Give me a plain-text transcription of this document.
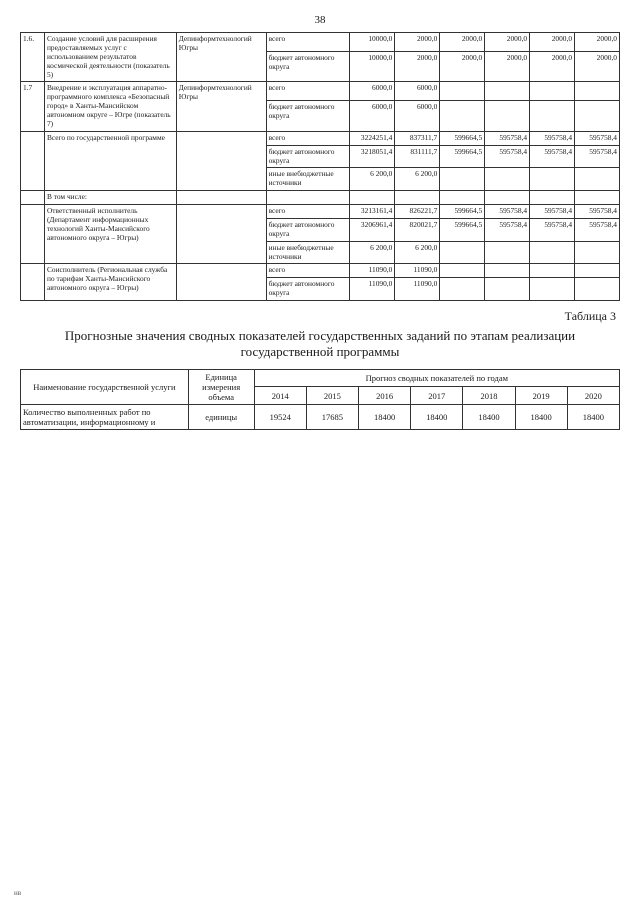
38
1.6.	Создание условий для расширения предоставляемых услуг с использованием результатов космической деятельности (показатель 5)	Депинформтехнологий Югры	всего	10000,0	2000,0	2000,0	2000,0	2000,0	2000,0
			бюджет автономного округа	10000,0	2000,0	2000,0	2000,0	2000,0	2000,0
1.7	Внедрение и эксплуатация аппаратно-программного комплекса «Безопасный город» в Ханты-Мансийском автономном округе – Югре (показатель 7)	Депинформтехнологий Югры	всего	6000,0	6000,0				
			бюджет автономного округа	6000,0	6000,0				
	Всего по государственной программе		всего	3224251,4	837311,7	599664,5	595758,4	595758,4	595758,4
			бюджет автономного округа	3218051,4	831111,7	599664,5	595758,4	595758,4	595758,4
			иные внебюджетные источники	6 200,0	6 200,0				
	В том числе:								
	Ответственный исполнитель (Департамент информационных технологий Ханты-Мансийского автономного округа – Югры)		всего	3213161,4	826221,7	599664,5	595758,4	595758,4	595758,4
			бюджет автономного округа	3206961,4	820021,7	599664,5	595758,4	595758,4	595758,4
			иные внебюджетные источники	6 200,0	6 200,0				
	Соисполнитель (Региональная служба по тарифам Ханты-Мансийского автономного округа – Югры)		всего	11090,0	11090,0				
			бюджет автономного округа	11090,0	11090,0				
Таблица 3
Прогнозные значения сводных показателей государственных заданий по этапам реализации государственной программы
Наименование государственной услуги	Единица измерения объема	Прогноз сводных показателей по годам						
		2014	2015	2016	2017	2018	2019	2020
Количество выполненных работ по автоматизации, информационному и	единицы	19524	17685	18400	18400	18400	18400	18400
нв
